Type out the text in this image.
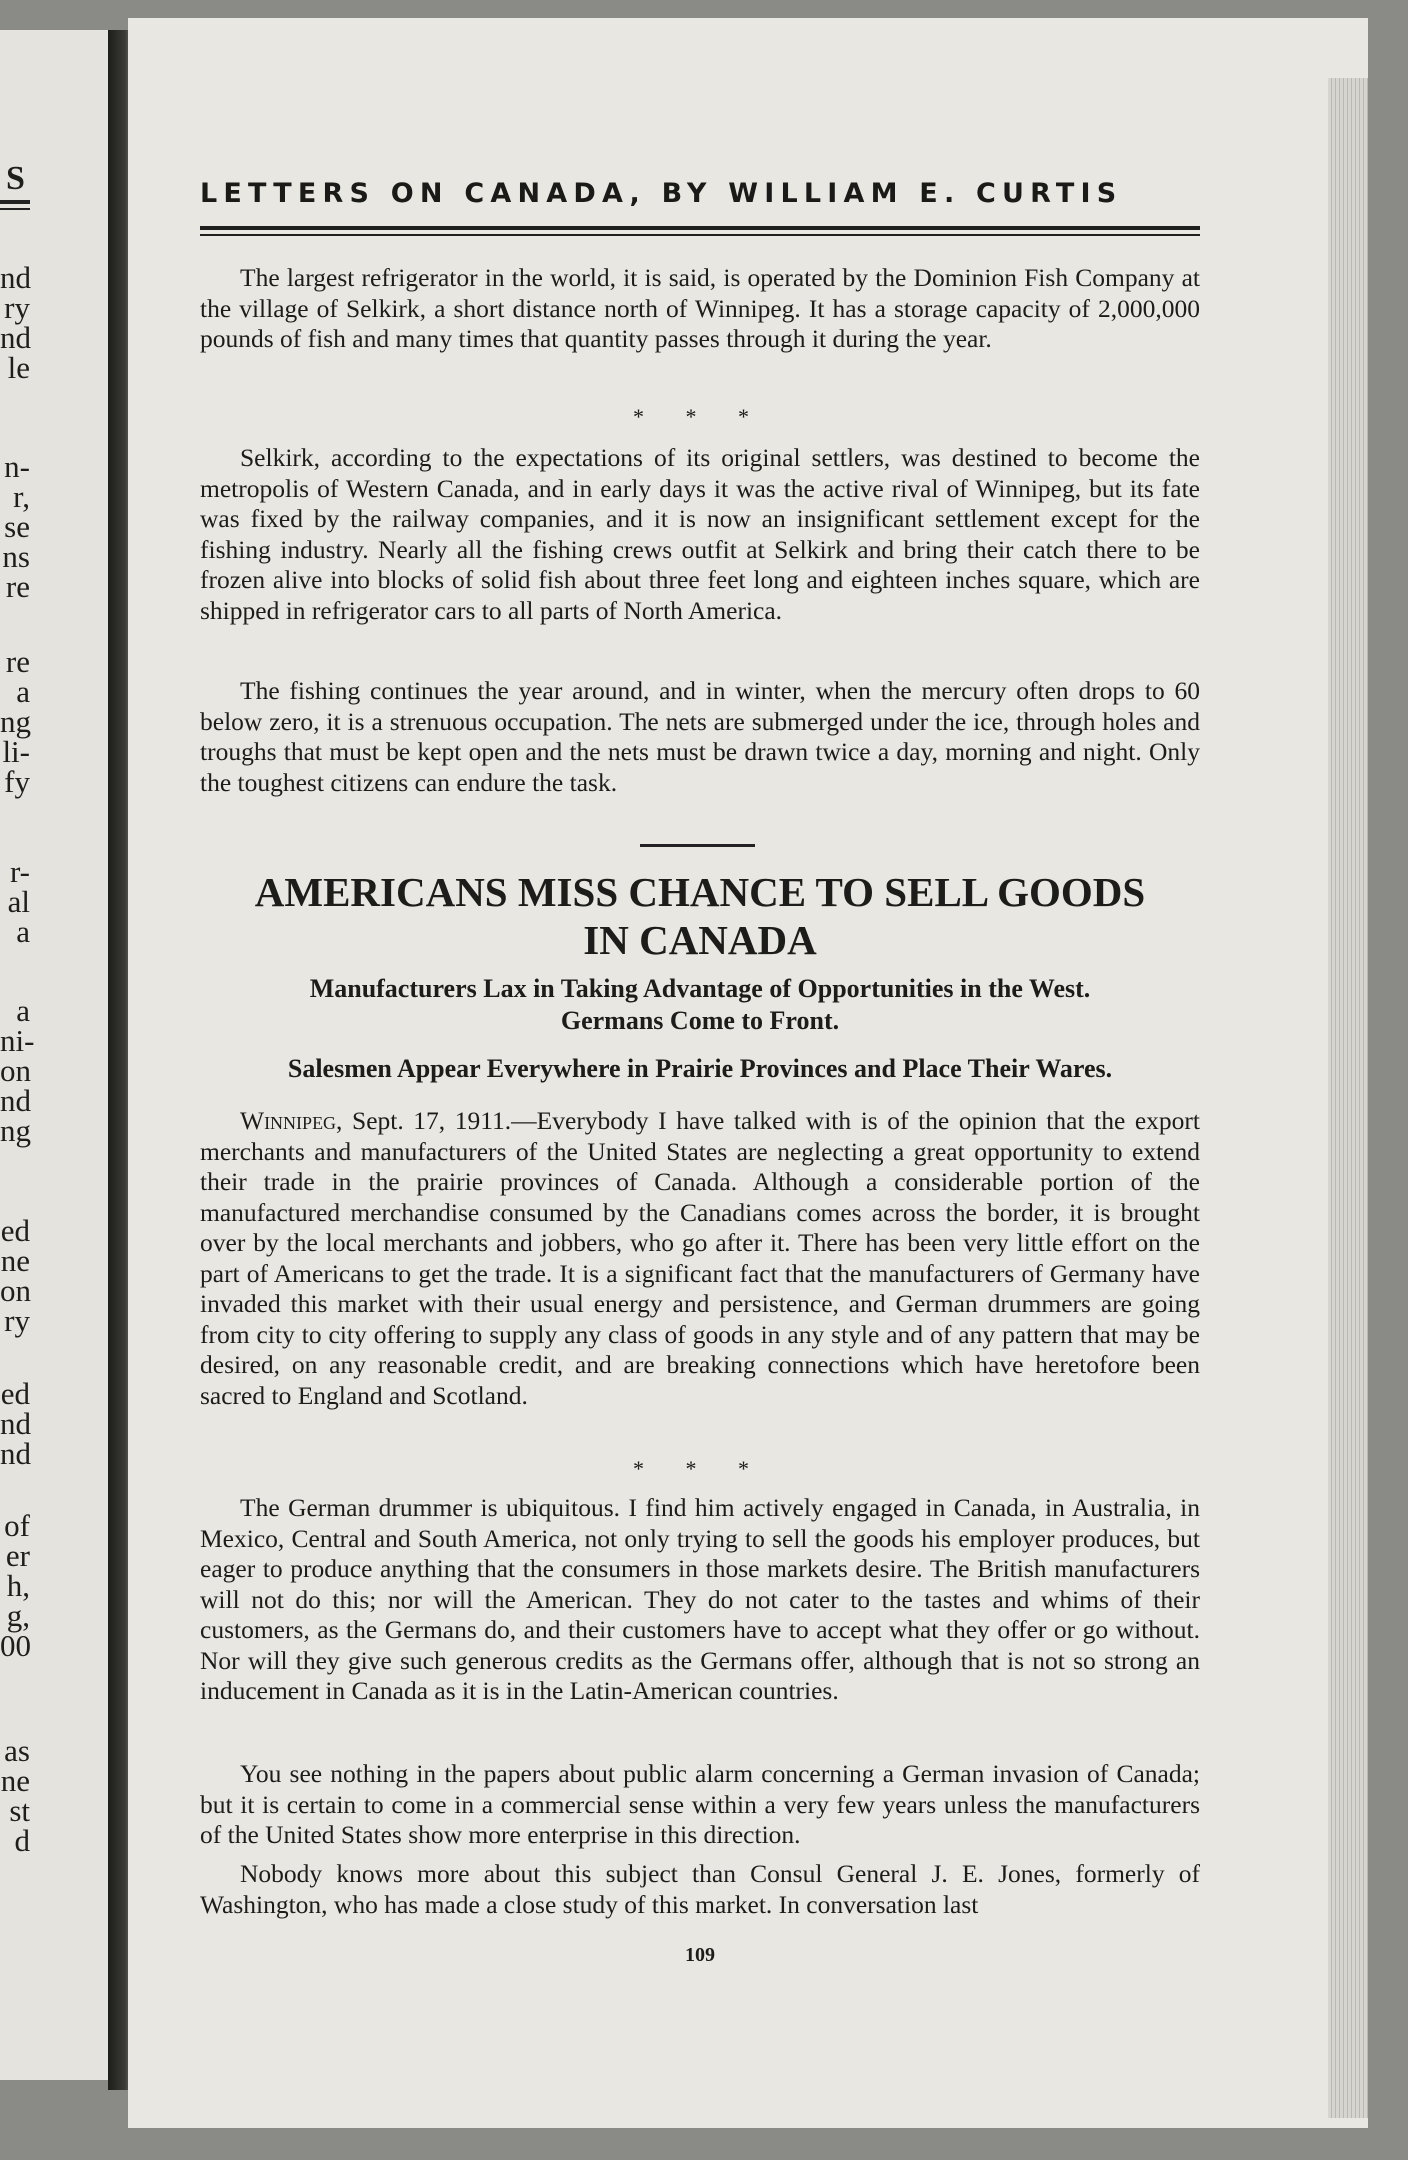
S
nd
ry
nd
le
n-
r,
se
ns
re
re
a
ng
li-
fy
r-
al
a
a
ni-
on
nd
ng
ed
ne
on
ry
ed
nd
nd
of
er
h,
g,
00
as
ne
st
d
LETTERS ON CANADA, BY WILLIAM E. CURTIS

The largest refrigerator in the world, it is said, is operated by the Dominion Fish Company at the village of Selkirk, a short distance north of Winnipeg. It has a storage capacity of 2,000,000 pounds of fish and many times that quantity passes through it during the year.

* * *

Selkirk, according to the expectations of its original settlers, was destined to become the metropolis of Western Canada, and in early days it was the active rival of Winnipeg, but its fate was fixed by the railway companies, and it is now an insignificant settlement except for the fishing industry. Nearly all the fishing crews outfit at Selkirk and bring their catch there to be frozen alive into blocks of solid fish about three feet long and eighteen inches square, which are shipped in refrigerator cars to all parts of North America.

The fishing continues the year around, and in winter, when the mercury often drops to 60 below zero, it is a strenuous occupation. The nets are submerged under the ice, through holes and troughs that must be kept open and the nets must be drawn twice a day, morning and night. Only the toughest citizens can endure the task.

AMERICANS MISS CHANCE TO SELL GOODS
IN CANADA
Manufacturers Lax in Taking Advantage of Opportunities in the West.
Germans Come to Front.
Salesmen Appear Everywhere in Prairie Provinces and Place Their Wares.

Winnipeg, Sept. 17, 1911.—Everybody I have talked with is of the opinion that the export merchants and manufacturers of the United States are neglecting a great opportunity to extend their trade in the prairie provinces of Canada. Although a considerable portion of the manufactured merchandise consumed by the Canadians comes across the border, it is brought over by the local merchants and jobbers, who go after it. There has been very little effort on the part of Americans to get the trade. It is a significant fact that the manufacturers of Germany have invaded this market with their usual energy and persistence, and German drummers are going from city to city offering to supply any class of goods in any style and of any pattern that may be desired, on any reasonable credit, and are breaking connections which have heretofore been sacred to England and Scotland.

* * *

The German drummer is ubiquitous. I find him actively engaged in Canada, in Australia, in Mexico, Central and South America, not only trying to sell the goods his employer produces, but eager to produce anything that the consumers in those markets desire. The British manufacturers will not do this; nor will the American. They do not cater to the tastes and whims of their customers, as the Germans do, and their customers have to accept what they offer or go without. Nor will they give such generous credits as the Germans offer, although that is not so strong an inducement in Canada as it is in the Latin-American countries.

You see nothing in the papers about public alarm concerning a German invasion of Canada; but it is certain to come in a commercial sense within a very few years unless the manufacturers of the United States show more enterprise in this direction.

Nobody knows more about this subject than Consul General J. E. Jones, formerly of Washington, who has made a close study of this market. In conversation last

109
